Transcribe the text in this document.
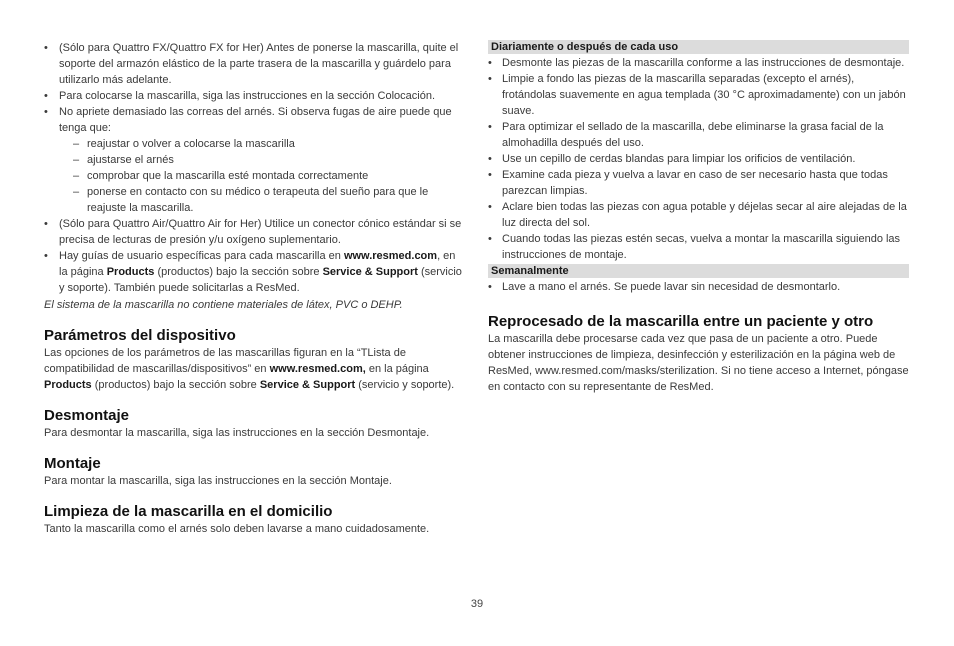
• (Sólo para Quattro FX/Quattro FX for Her) Antes de ponerse la mascarilla, quite el soporte del armazón elástico de la parte trasera de la mascarilla y guárdelo para utilizarlo más adelante.
• Para colocarse la mascarilla, siga las instrucciones en la sección Colocación.
• No apriete demasiado las correas del arnés. Si observa fugas de aire puede que tenga que:
– reajustar o volver a colocarse la mascarilla
– ajustarse el arnés
– comprobar que la mascarilla esté montada correctamente
– ponerse en contacto con su médico o terapeuta del sueño para que le reajuste la mascarilla.
• (Sólo para Quattro Air/Quattro Air for Her) Utilice un conector cónico estándar si se precisa de lecturas de presión y/u oxígeno suplementario.
• Hay guías de usuario específicas para cada mascarilla en www.resmed.com, en la página Products (productos) bajo la sección sobre Service & Support (servicio y soporte). También puede solicitarlas a ResMed.
El sistema de la mascarilla no contiene materiales de látex, PVC o DEHP.
Parámetros del dispositivo

Las opciones de los parámetros de las mascarillas figuran en la “TLista de compatibilidad de mascarillas/dispositivos” en www.resmed.com, en la página Products (productos) bajo la sección sobre Service & Support (servicio y soporte).

Desmontaje

Para desmontar la mascarilla, siga las instrucciones en la sección Desmontaje.

Montaje

Para montar la mascarilla, siga las instrucciones en la sección Montaje.

Limpieza de la mascarilla en el domicilio

Tanto la mascarilla como el arnés solo deben lavarse a mano cuidadosamente.

Diariamente o después de cada uso
• Desmonte las piezas de la mascarilla conforme a las instrucciones de desmontaje.
• Limpie a fondo las piezas de la mascarilla separadas (excepto el arnés), frotándolas suavemente en agua templada (30 °C aproximadamente) con un jabón suave.
• Para optimizar el sellado de la mascarilla, debe eliminarse la grasa facial de la almohadilla después del uso.
• Use un cepillo de cerdas blandas para limpiar los orificios de ventilación.
• Examine cada pieza y vuelva a lavar en caso de ser necesario hasta que todas parezcan limpias.
• Aclare bien todas las piezas con agua potable y déjelas secar al aire alejadas de la luz directa del sol.
• Cuando todas las piezas estén secas, vuelva a montar la mascarilla siguiendo las instrucciones de montaje.
Semanalmente
• Lave a mano el arnés. Se puede lavar sin necesidad de desmontarlo.
Reprocesado de la mascarilla entre un paciente y otro

La mascarilla debe procesarse cada vez que pasa de un paciente a otro. Puede obtener instrucciones de limpieza, desinfección y esterilización en la página web de ResMed, www.resmed.com/masks/sterilization. Si no tiene acceso a Internet, póngase en contacto con su representante de ResMed.

39
